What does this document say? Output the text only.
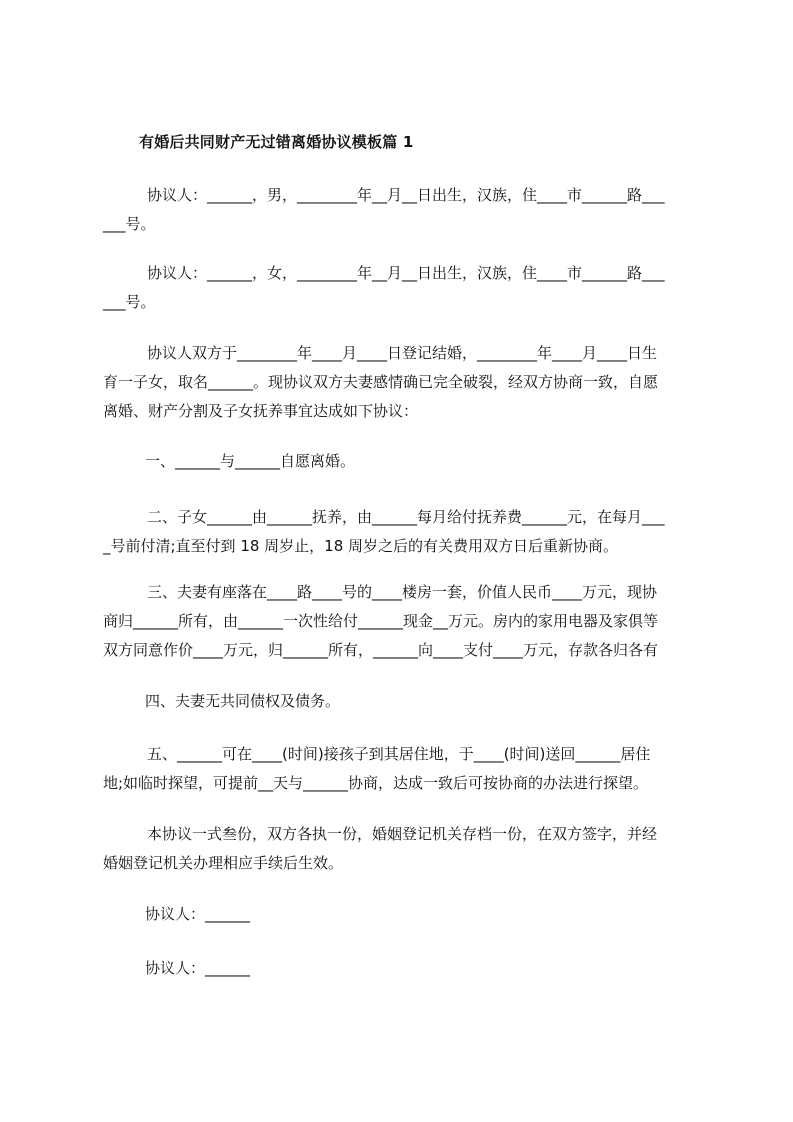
有婚后共同财产无过错离婚协议模板篇 1
协议人：______，男，________年__月__日出生，汉族，住____市______路___
___号。
协议人：______，女，________年__月__日出生，汉族，住____市______路___
___号。
协议人双方于________年____月____日登记结婚，________年____月____日生
育一子女，取名______。现协议双方夫妻感情确已完全破裂，经双方协商一致，自愿
离婚、财产分割及子女抚养事宜达成如下协议：
一、______与______自愿离婚。
二、子女______由______抚养，由______每月给付抚养费______元，在每月___
_号前付清;直至付到 18 周岁止，18 周岁之后的有关费用双方日后重新协商。
三、夫妻有座落在____路____号的____楼房一套，价值人民币____万元，现协
商归______所有，由______一次性给付______现金__万元。房内的家用电器及家俱等
双方同意作价____万元，归______所有，______向____支付____万元，存款各归各有
四、夫妻无共同债权及债务。
五、______可在____(时间)接孩子到其居住地，于____(时间)送回______居住
地;如临时探望，可提前__天与______协商，达成一致后可按协商的办法进行探望。
本协议一式叁份，双方各执一份，婚姻登记机关存档一份，在双方签字，并经
婚姻登记机关办理相应手续后生效。
协议人：______
协议人：______
